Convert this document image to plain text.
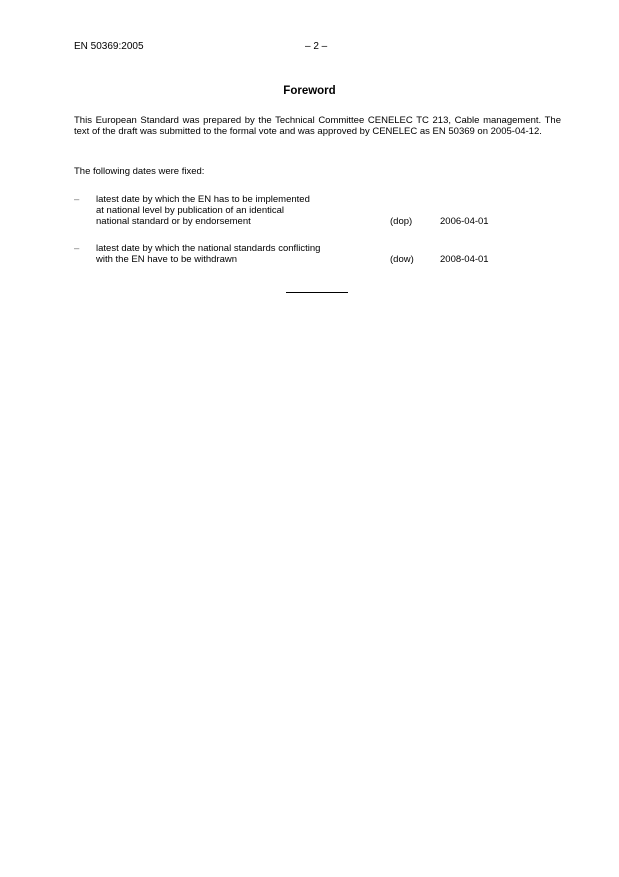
EN 50369:2005	– 2 –
Foreword
This European Standard was prepared by the Technical Committee CENELEC TC 213, Cable management. The text of the draft was submitted to the formal vote and was approved by CENELEC as EN 50369 on 2005-04-12.
The following dates were fixed:
– latest date by which the EN has to be implemented
at national level by publication of an identical
national standard or by endorsement	(dop)	2006-04-01
– latest date by which the national standards conflicting
with the EN have to be withdrawn	(dow)	2008-04-01
